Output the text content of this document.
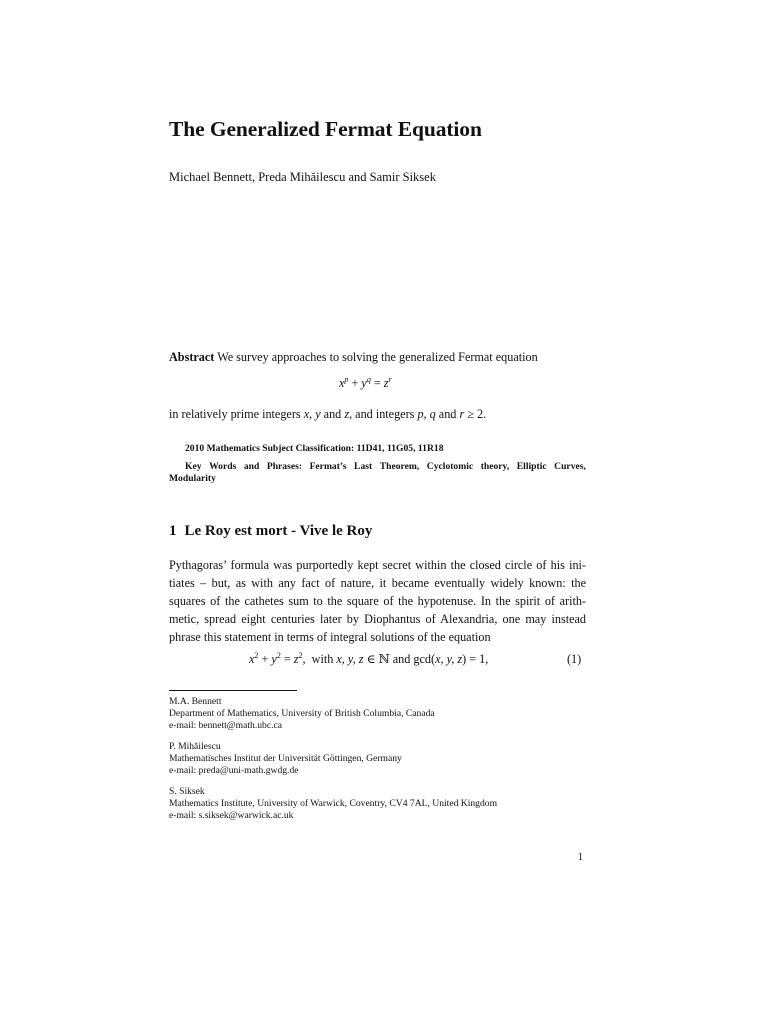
The Generalized Fermat Equation
Michael Bennett, Preda Mihăilescu and Samir Siksek
Abstract We survey approaches to solving the generalized Fermat equation
$x^p + y^q = z^r$
in relatively prime integers x, y and z, and integers p, q and r ≥ 2.
2010 Mathematics Subject Classification: 11D41, 11G05, 11R18
Key Words and Phrases: Fermat’s Last Theorem, Cyclotomic theory, Elliptic Curves,
Modularity
1 Le Roy est mort - Vive le Roy

Pythagoras’ formula was purportedly kept secret within the closed circle of his ini-

tiates – but, as with any fact of nature, it became eventually widely known: the

squares of the cathetes sum to the square of the hypotenuse. In the spirit of arith-

metic, spread eight centuries later by Diophantus of Alexandria, one may instead

phrase this statement in terms of integral solutions of the equation

$x^2 + y^2 = z^2$,  with x, y, z ∈ ℕ and gcd(x, y, z) = 1,	(1)
M.A. Bennett
Department of Mathematics, University of British Columbia, Canada
e-mail: bennett@math.ubc.ca
P. Mihăilescu
Mathematisches Institut der Universität Göttingen, Germany
e-mail: preda@uni-math.gwdg.de
S. Siksek
Mathematics Institute, University of Warwick, Coventry, CV4 7AL, United Kingdom
e-mail: s.siksek@warwick.ac.uk
1
